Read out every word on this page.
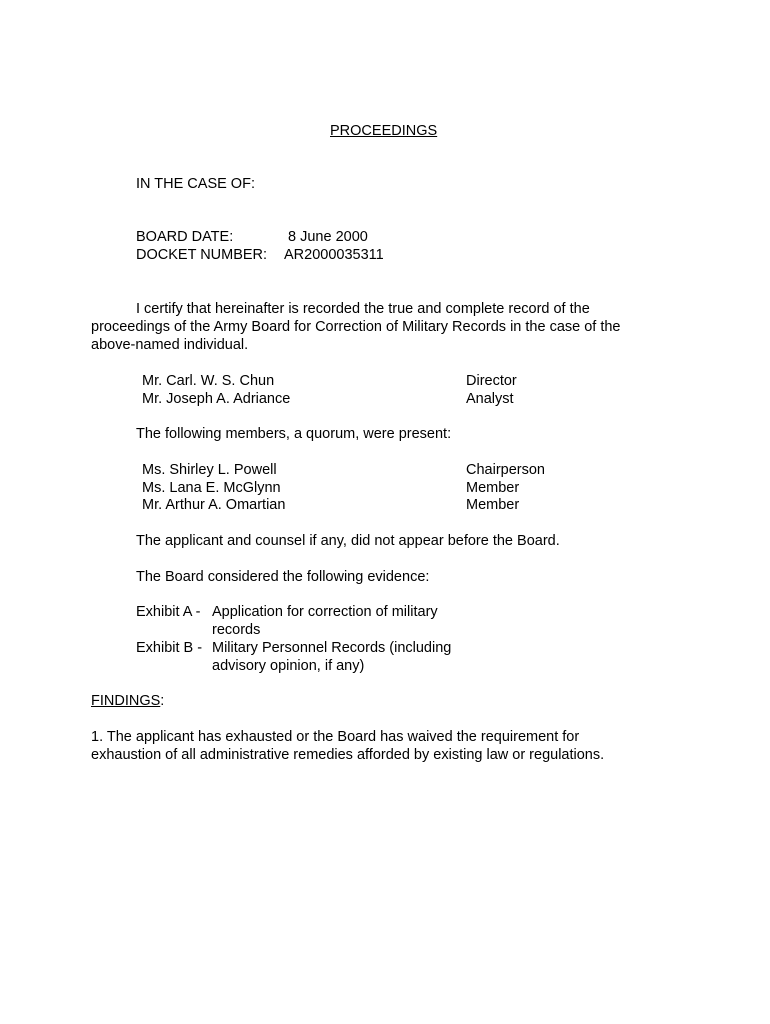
PROCEEDINGS
IN THE CASE OF:
BOARD DATE:	8 June 2000
DOCKET NUMBER: AR2000035311
I certify that hereinafter is recorded the true and complete record of the proceedings of the Army Board for Correction of Military Records in the case of the above-named individual.
Mr. Carl. W. S. Chun	Director
Mr. Joseph A. Adriance	Analyst
The following members, a quorum, were present:
Ms. Shirley L. Powell	Chairperson
Ms. Lana E. McGlynn	Member
Mr. Arthur A. Omartian	Member
The applicant and counsel if any, did not appear before the Board.
The Board considered the following evidence:
Exhibit A - Application for correction of military
records
Exhibit B - Military Personnel Records (including
advisory opinion, if any)
FINDINGS:
1. The applicant has exhausted or the Board has waived the requirement for
exhaustion of all administrative remedies afforded by existing law or regulations.
